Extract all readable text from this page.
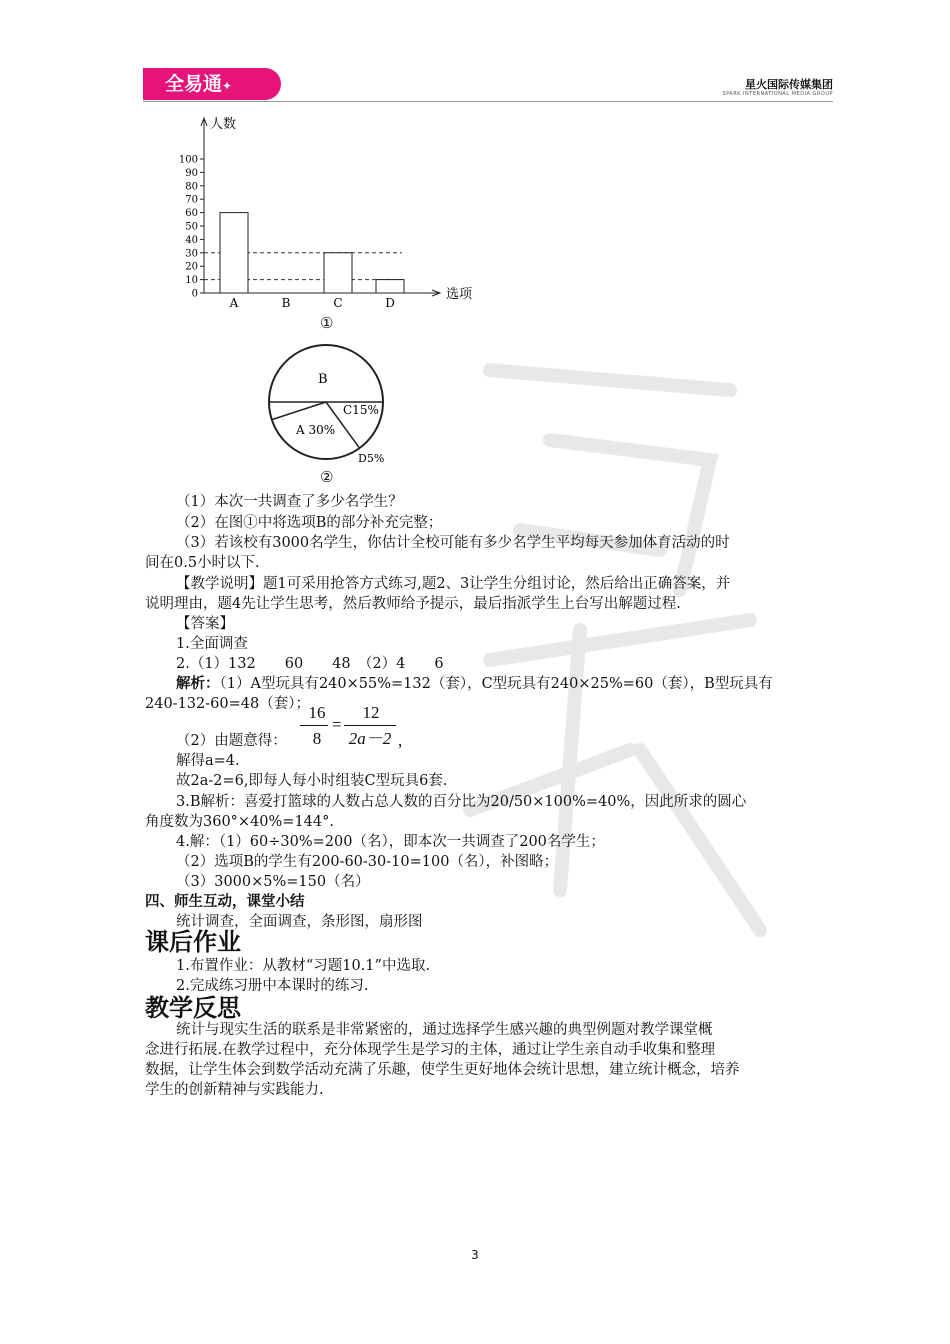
全易通✦	星火国际传媒集团
SPARK INTERNATIONAL MEDIA GROUP
0
10
20
30
40
50
60
70
80
90
100
A	B	C	D
人数
选项
①
B
C15%
A 30%
D5%
②
（1）本次一共调查了多少名学生？
（2）在图①中将选项B的部分补充完整；
（3）若该校有3000名学生，你估计全校可能有多少名学生平均每天参加体育活动的时
间在0.5小时以下.
【教学说明】题1可采用抢答方式练习,题2、3让学生分组讨论，然后给出正确答案，并
说明理由，题4先让学生思考，然后教师给予提示，最后指派学生上台写出解题过程.
【答案】
1.全面调查
2.（1）132　　60　　48　（2）4　　6
解析：（1）A型玩具有240×55%=132（套），C型玩具有240×25%=60（套），B型玩具有
240-132-60=48（套）；
（2）由题意得：
16
8
=
12
2a－2 ,
解得a=4.
故2a-2=6,即每人每小时组装C型玩具6套.
3.B解析：喜爱打篮球的人数占总人数的百分比为20/50×100%=40%，因此所求的圆心
角度数为360°×40%=144°.
4.解：（1）60÷30%=200（名），即本次一共调查了200名学生；
（2）选项B的学生有200-60-30-10=100（名），补图略；
（3）3000×5%=150（名）
四、师生互动，课堂小结
统计调查，全面调查，条形图，扇形图
课后作业
1.布置作业：从教材“习题10.1”中选取.
2.完成练习册中本课时的练习.
教学反思
统计与现实生活的联系是非常紧密的，通过选择学生感兴趣的典型例题对教学课堂概
念进行拓展.在教学过程中，充分体现学生是学习的主体，通过让学生亲自动手收集和整理
数据，让学生体会到数学活动充满了乐趣，使学生更好地体会统计思想，建立统计概念，培养
学生的创新精神与实践能力.
3
